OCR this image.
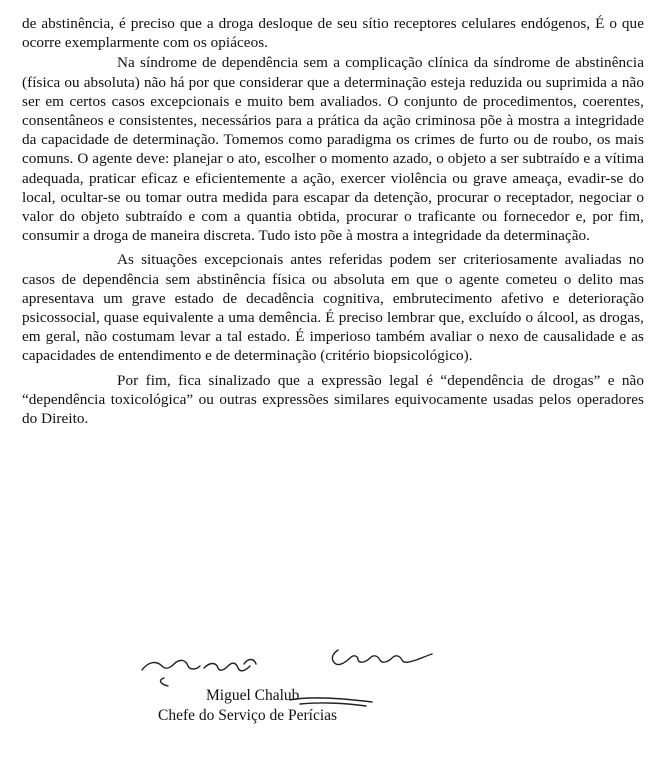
de abstinência, é preciso que a droga desloque de seu sítio receptores celulares endógenos, É o que ocorre exemplarmente com os opiáceos.

Na síndrome de dependência sem a complicação clínica da síndrome de abstinência (física ou absoluta) não há por que considerar que a determinação esteja reduzida ou suprimida a não ser em certos casos excepcionais e muito bem avaliados. O conjunto de procedimentos, coerentes, consentâneos e consistentes, necessários para a prática da ação criminosa põe à mostra a integridade da capacidade de determinação. Tomemos como paradigma os crimes de furto ou de roubo, os mais comuns. O agente deve: planejar o ato, escolher o momento azado, o objeto a ser subtraído e a vítima adequada, praticar eficaz e eficientemente a ação, exercer violência ou grave ameaça, evadir-se do local, ocultar-se ou tomar outra medida para escapar da detenção, procurar o receptador, negociar o valor do objeto subtraído e com a quantia obtida, procurar o traficante ou fornecedor e, por fim, consumir a droga de maneira discreta. Tudo isto põe à mostra a integridade da determinação.

As situações excepcionais antes referidas podem ser criteriosamente avaliadas no casos de dependência sem abstinência física ou absoluta em que o agente cometeu o delito mas apresentava um grave estado de decadência cognitiva, embrutecimento afetivo e deterioração psicossocial, quase equivalente a uma demência. É preciso lembrar que, excluído o álcool, as drogas, em geral, não costumam levar a tal estado. É imperioso também avaliar o nexo de causalidade e as capacidades de entendimento e de determinação (critério biopsicológico).

Por fim, fica sinalizado que a expressão legal é “dependência de drogas” e não “dependência toxicológica” ou outras expressões similares equivocamente usadas pelos operadores do Direito.

Miguel Chalub
Chefe do Serviço de Perícias
